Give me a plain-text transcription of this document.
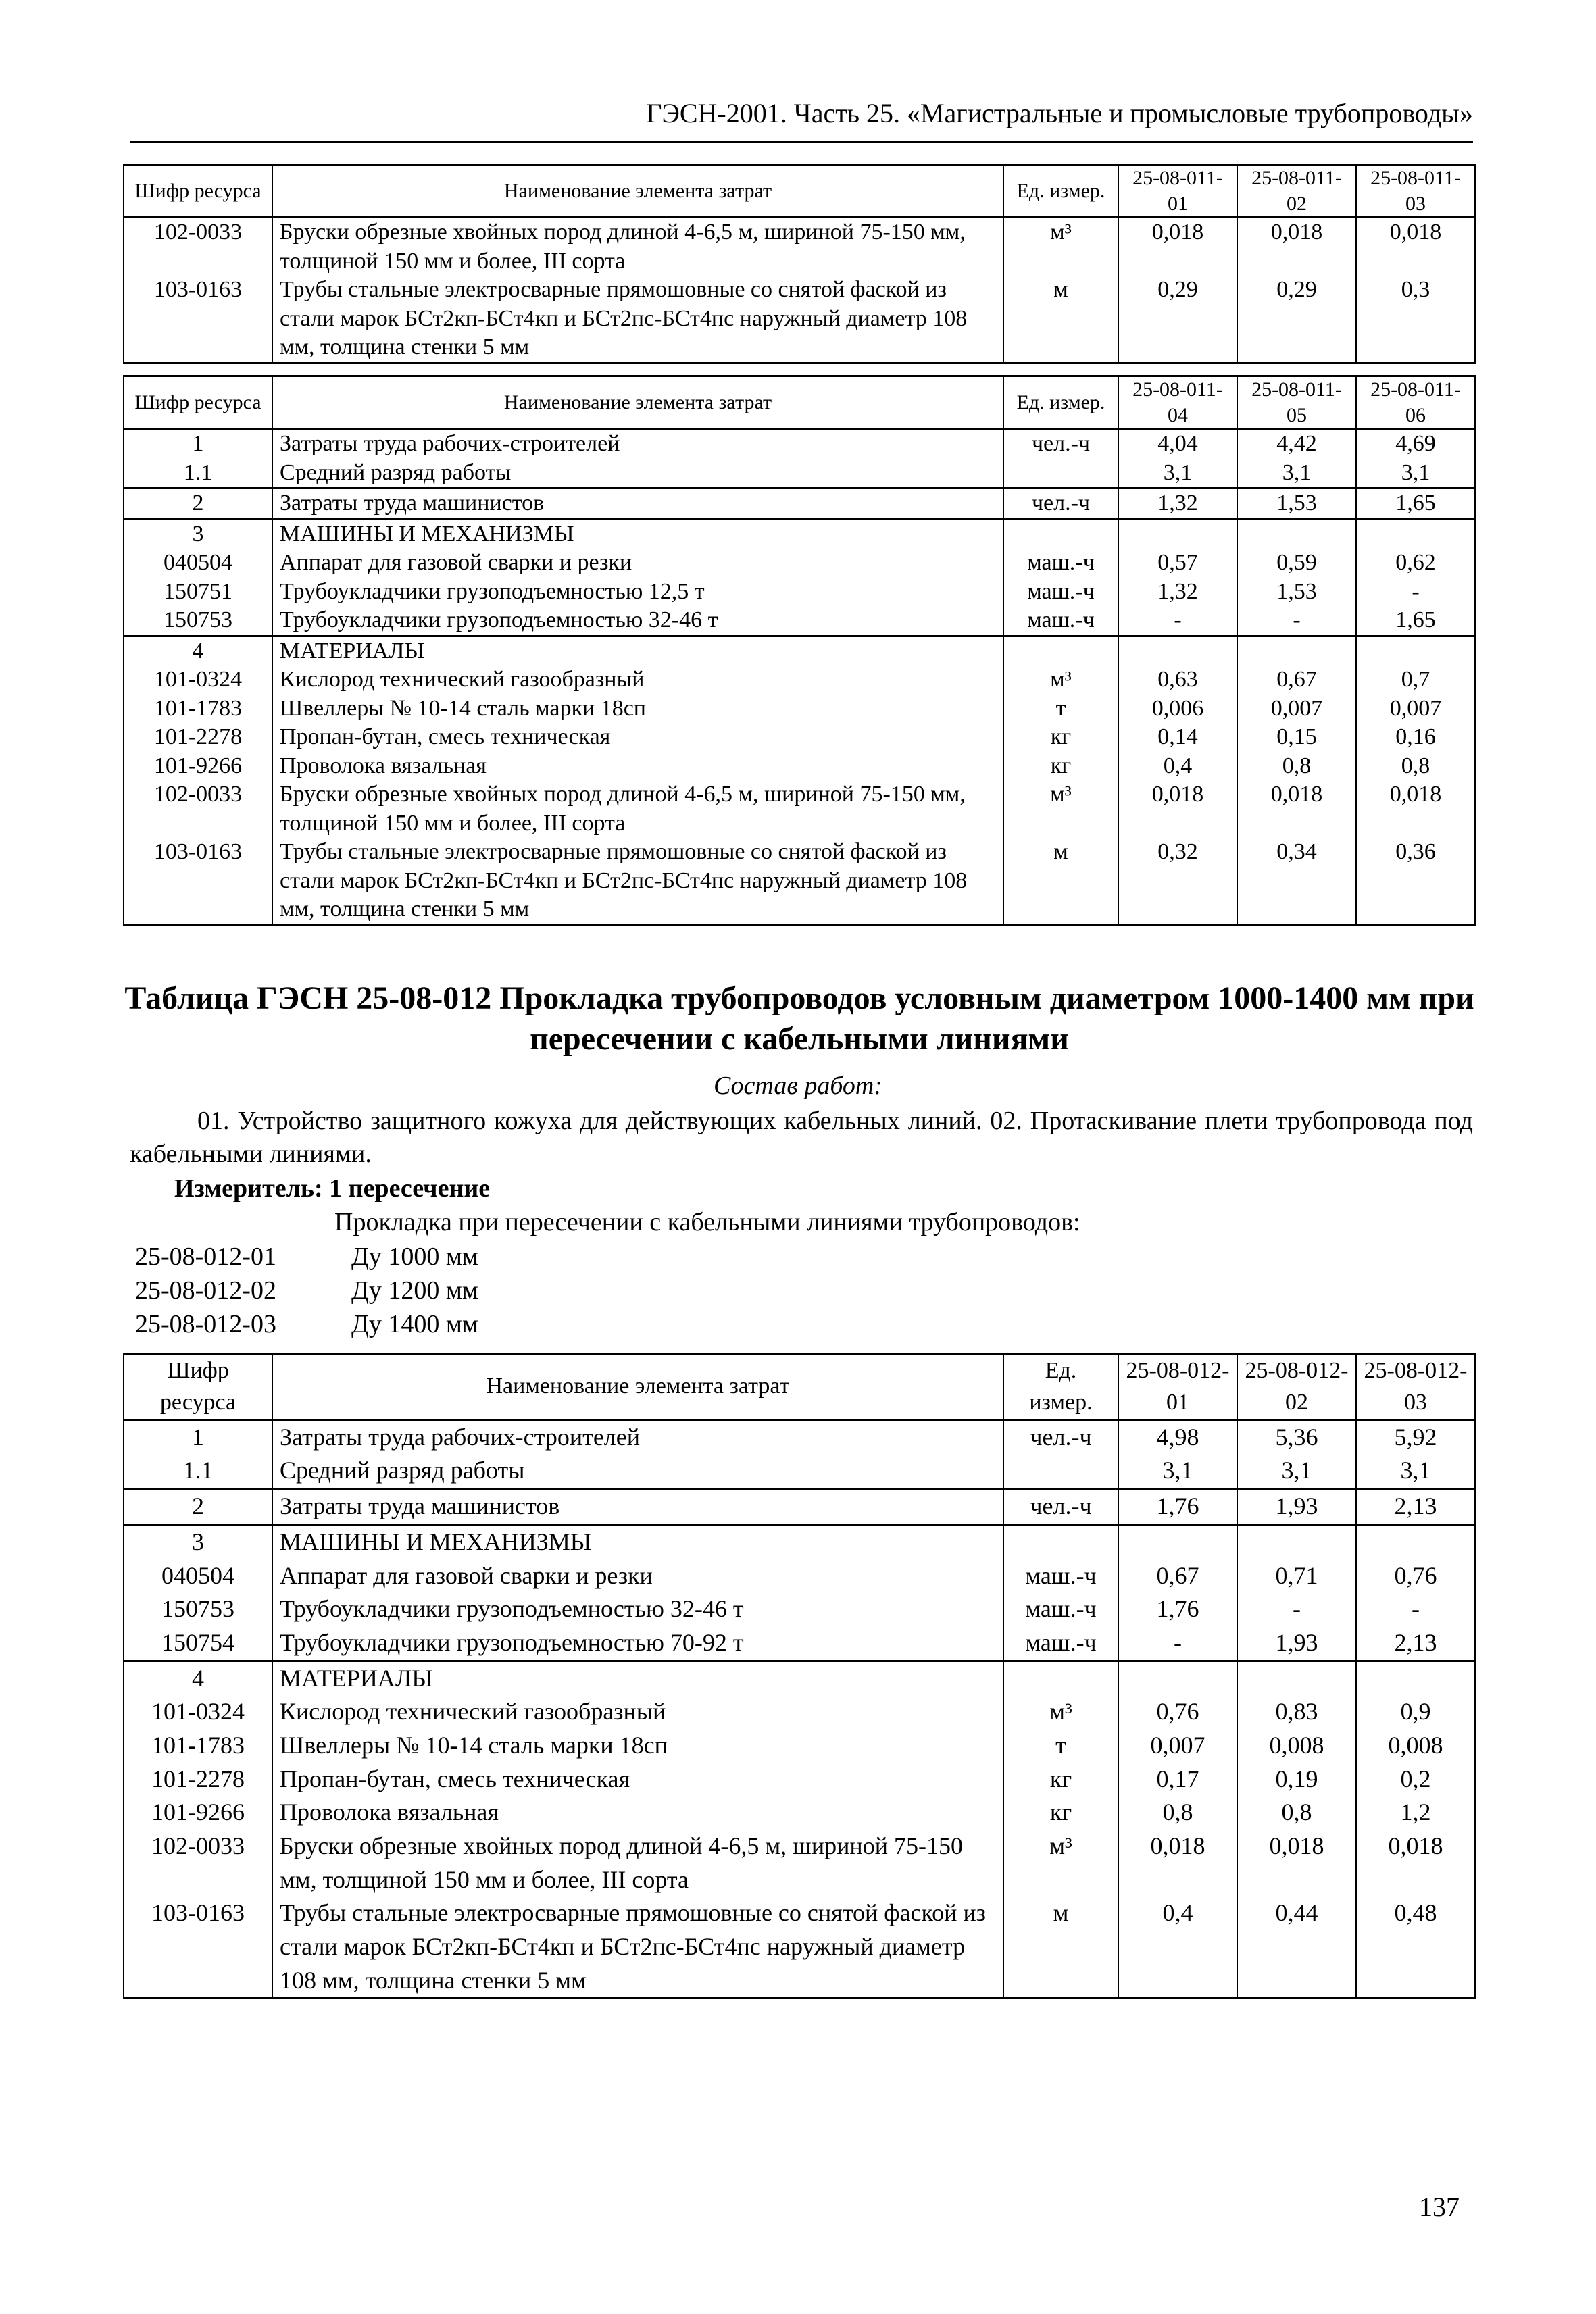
ГЭСН-2001. Часть 25. «Магистральные и промысловые трубопроводы»
Шифр ресурса	Наименование элемента затрат	Ед. измер.	25-08-011-01	25-08-011-02	25-08-011-03
102-0033	Бруски обрезные хвойных пород длиной 4-6,5 м, шириной 75-150 мм, толщиной 150 мм и более, III сорта	м³	0,018	0,018	0,018
103-0163	Трубы стальные электросварные прямошовные со снятой фаской из стали марок БСт2кп-БСт4кп и БСт2пс-БСт4пс наружный диаметр 108 мм, толщина стенки 5 мм	м	0,29	0,29	0,3
Шифр ресурса	Наименование элемента затрат	Ед. измер.	25-08-011-04	25-08-011-05	25-08-011-06
1	Затраты труда рабочих-строителей	чел.-ч	4,04	4,42	4,69
1.1	Средний разряд работы		3,1	3,1	3,1
2	Затраты труда машинистов	чел.-ч	1,32	1,53	1,65
3	МАШИНЫ И МЕХАНИЗМЫ				
040504	Аппарат для газовой сварки и резки	маш.-ч	0,57	0,59	0,62
150751	Трубоукладчики грузоподъемностью 12,5 т	маш.-ч	1,32	1,53	-
150753	Трубоукладчики грузоподъемностью 32-46 т	маш.-ч	-	-	1,65
4	МАТЕРИАЛЫ				
101-0324	Кислород технический газообразный	м³	0,63	0,67	0,7
101-1783	Швеллеры № 10-14 сталь марки 18сп	т	0,006	0,007	0,007
101-2278	Пропан-бутан, смесь техническая	кг	0,14	0,15	0,16
101-9266	Проволока вязальная	кг	0,4	0,8	0,8
102-0033	Бруски обрезные хвойных пород длиной 4-6,5 м, шириной 75-150 мм, толщиной 150 мм и более, III сорта	м³	0,018	0,018	0,018
103-0163	Трубы стальные электросварные прямошовные со снятой фаской из стали марок БСт2кп-БСт4кп и БСт2пс-БСт4пс наружный диаметр 108 мм, толщина стенки 5 мм	м	0,32	0,34	0,36
Таблица ГЭСН 25-08-012 Прокладка трубопроводов условным диаметром 1000-1400 мм при пересечении с кабельными линиями
Состав работ:
01. Устройство защитного кожуха для действующих кабельных линий. 02. Протаскивание плети трубопровода под кабельными линиями.
Измеритель: 1 пересечение
Прокладка при пересечении с кабельными линиями трубопроводов:
25-08-012-01	Ду 1000 мм
25-08-012-02	Ду 1200 мм
25-08-012-03	Ду 1400 мм
Шифр ресурса	Наименование элемента затрат	Ед. измер.	25-08-012-01	25-08-012-02	25-08-012-03
1	Затраты труда рабочих-строителей	чел.-ч	4,98	5,36	5,92
1.1	Средний разряд работы		3,1	3,1	3,1
2	Затраты труда машинистов	чел.-ч	1,76	1,93	2,13
3	МАШИНЫ И МЕХАНИЗМЫ				
040504	Аппарат для газовой сварки и резки	маш.-ч	0,67	0,71	0,76
150753	Трубоукладчики грузоподъемностью 32-46 т	маш.-ч	1,76	-	-
150754	Трубоукладчики грузоподъемностью 70-92 т	маш.-ч	-	1,93	2,13
4	МАТЕРИАЛЫ				
101-0324	Кислород технический газообразный	м³	0,76	0,83	0,9
101-1783	Швеллеры № 10-14 сталь марки 18сп	т	0,007	0,008	0,008
101-2278	Пропан-бутан, смесь техническая	кг	0,17	0,19	0,2
101-9266	Проволока вязальная	кг	0,8	0,8	1,2
102-0033	Бруски обрезные хвойных пород длиной 4-6,5 м, шириной 75-150 мм, толщиной 150 мм и более, III сорта	м³	0,018	0,018	0,018
103-0163	Трубы стальные электросварные прямошовные со снятой фаской из стали марок БСт2кп-БСт4кп и БСт2пс-БСт4пс наружный диаметр 108 мм, толщина стенки 5 мм	м	0,4	0,44	0,48
137
